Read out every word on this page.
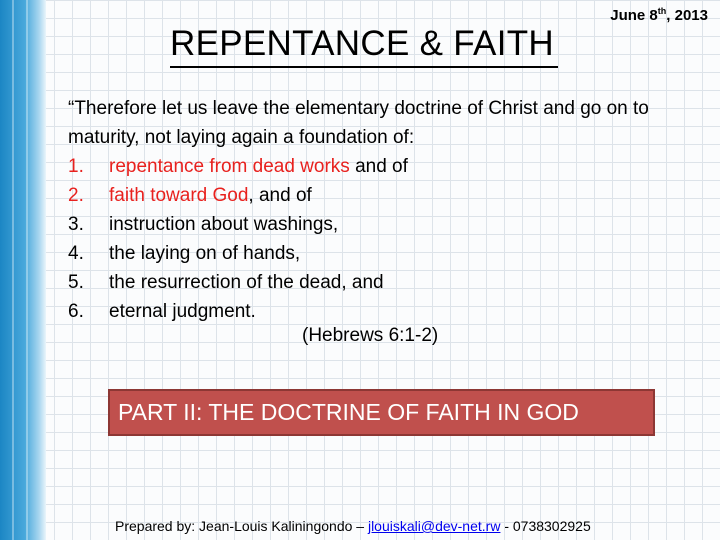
June 8th, 2013
REPENTANCE & FAITH

“Therefore let us leave the elementary doctrine of Christ and go on to maturity, not laying again a foundation of:

1.	repentance from dead works and of
2.	faith toward God, and of
3.	instruction about washings,
4.	the laying on of hands,
5.	the resurrection of the dead, and
6.	eternal judgment.
(Hebrews 6:1-2)
PART II: THE DOCTRINE OF FAITH IN GOD
Prepared by: Jean-Louis Kaliningondo – jlouiskali@dev-net.rw - 0738302925
